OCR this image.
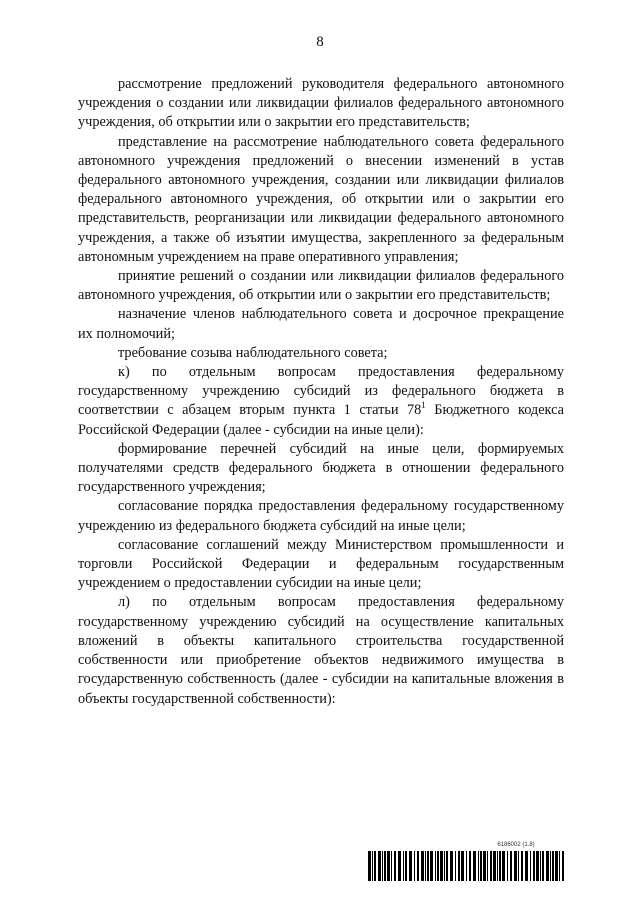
8

рассмотрение предложений руководителя федерального автономного учреждения о создании или ликвидации филиалов федерального автономного учреждения, об открытии или о закрытии его представительств;

представление на рассмотрение наблюдательного совета федерального автономного учреждения предложений о внесении изменений в устав федерального автономного учреждения, создании или ликвидации филиалов федерального автономного учреждения, об открытии или о закрытии его представительств, реорганизации или ликвидации федерального автономного учреждения, а также об изъятии имущества, закрепленного за федеральным автономным учреждением на праве оперативного управления;

принятие решений о создании или ликвидации филиалов федерального автономного учреждения, об открытии или о закрытии его представительств;

назначение членов наблюдательного совета и досрочное прекращение их полномочий;

требование созыва наблюдательного совета;

к) по отдельным вопросам предоставления федеральному государственному учреждению субсидий из федерального бюджета в соответствии с абзацем вторым пункта 1 статьи $78^1$ Бюджетного кодекса Российской Федерации (далее - субсидии на иные цели):

формирование перечней субсидий на иные цели, формируемых получателями средств федерального бюджета в отношении федерального государственного учреждения;

согласование порядка предоставления федеральному государственному учреждению из федерального бюджета субсидий на иные цели;

согласование соглашений между Министерством промышленности и торговли Российской Федерации и федеральным государственным учреждением о предоставлении субсидии на иные цели;

л) по отдельным вопросам предоставления федеральному государственному учреждению субсидий на осуществление капитальных вложений в объекты капитального строительства государственной собственности или приобретение объектов недвижимого имущества в государственную собственность (далее - субсидии на капитальные вложения в объекты государственной собственности):

6186002 (1.8)
